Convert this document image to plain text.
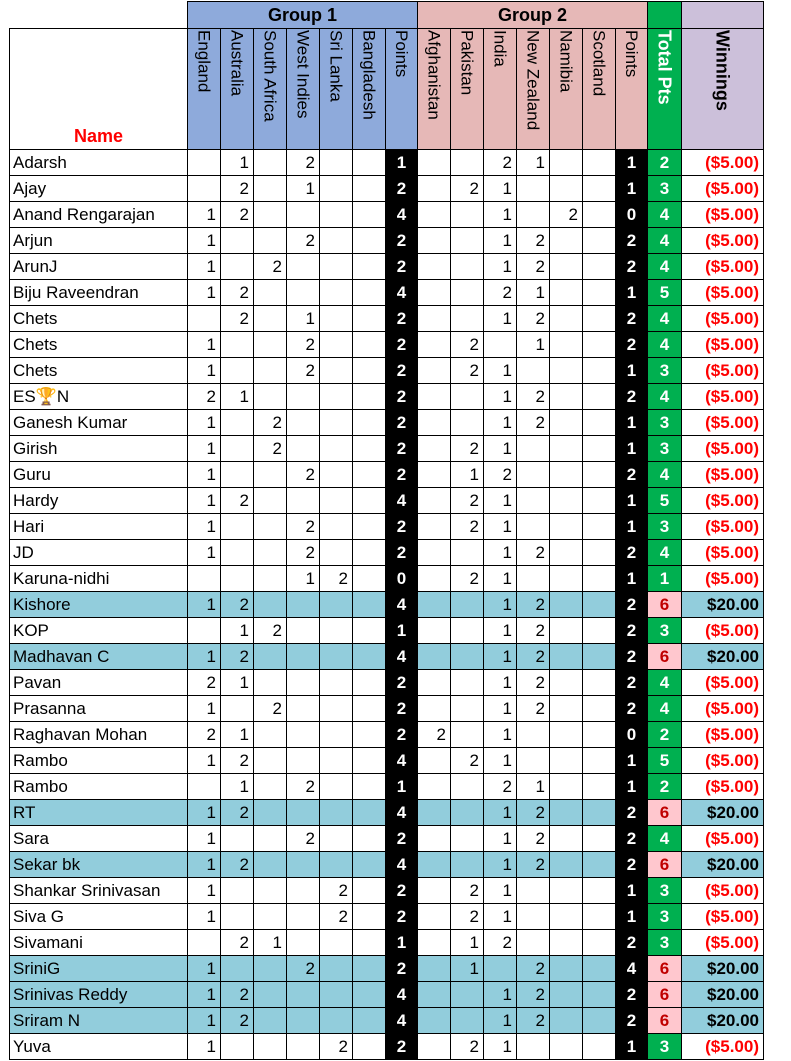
	Group 1							Group 2								
Name	England	Australia	South Africa	West Indies	Sri Lanka	Bangladesh	Points	Afghanistan	Pakistan	India	New Zealand	Namibia	Scotland	Points	Total Pts	Winnings

Adarsh		1		2			1			2	1			1	2	($5.00)
Ajay		2		1			2		2	1				1	3	($5.00)
Anand Rengarajan	1	2					4			1		2		0	4	($5.00)
Arjun	1			2			2			1	2			2	4	($5.00)
ArunJ	1		2				2			1	2			2	4	($5.00)
Biju Raveendran	1	2					4			2	1			1	5	($5.00)
Chets		2		1			2			1	2			2	4	($5.00)
Chets	1			2			2		2		1			2	4	($5.00)
Chets	1			2			2		2	1				1	3	($5.00)
ES🏆N	2	1					2			1	2			2	4	($5.00)
Ganesh Kumar	1		2				2			1	2			1	3	($5.00)
Girish	1		2				2		2	1				1	3	($5.00)
Guru	1			2			2		1	2				2	4	($5.00)
Hardy	1	2					4		2	1				1	5	($5.00)
Hari	1			2			2		2	1				1	3	($5.00)
JD	1			2			2			1	2			2	4	($5.00)
Karuna-nidhi				1	2		0		2	1				1	1	($5.00)
Kishore	1	2					4			1	2			2	6	$20.00
KOP		1	2				1			1	2			2	3	($5.00)
Madhavan C	1	2					4			1	2			2	6	$20.00
Pavan	2	1					2			1	2			2	4	($5.00)
Prasanna	1		2				2			1	2			2	4	($5.00)
Raghavan Mohan	2	1					2	2		1				0	2	($5.00)
Rambo	1	2					4		2	1				1	5	($5.00)
Rambo		1		2			1			2	1			1	2	($5.00)
RT	1	2					4			1	2			2	6	$20.00
Sara	1			2			2			1	2			2	4	($5.00)
Sekar bk	1	2					4			1	2			2	6	$20.00
Shankar Srinivasan	1				2		2		2	1				1	3	($5.00)
Siva G	1				2		2		2	1				1	3	($5.00)
Sivamani		2	1				1		1	2				2	3	($5.00)
SriniG	1			2			2		1		2			4	6	$20.00
Srinivas Reddy	1	2					4			1	2			2	6	$20.00
Sriram N	1	2					4			1	2			2	6	$20.00
Yuva	1				2		2		2	1				1	3	($5.00)
